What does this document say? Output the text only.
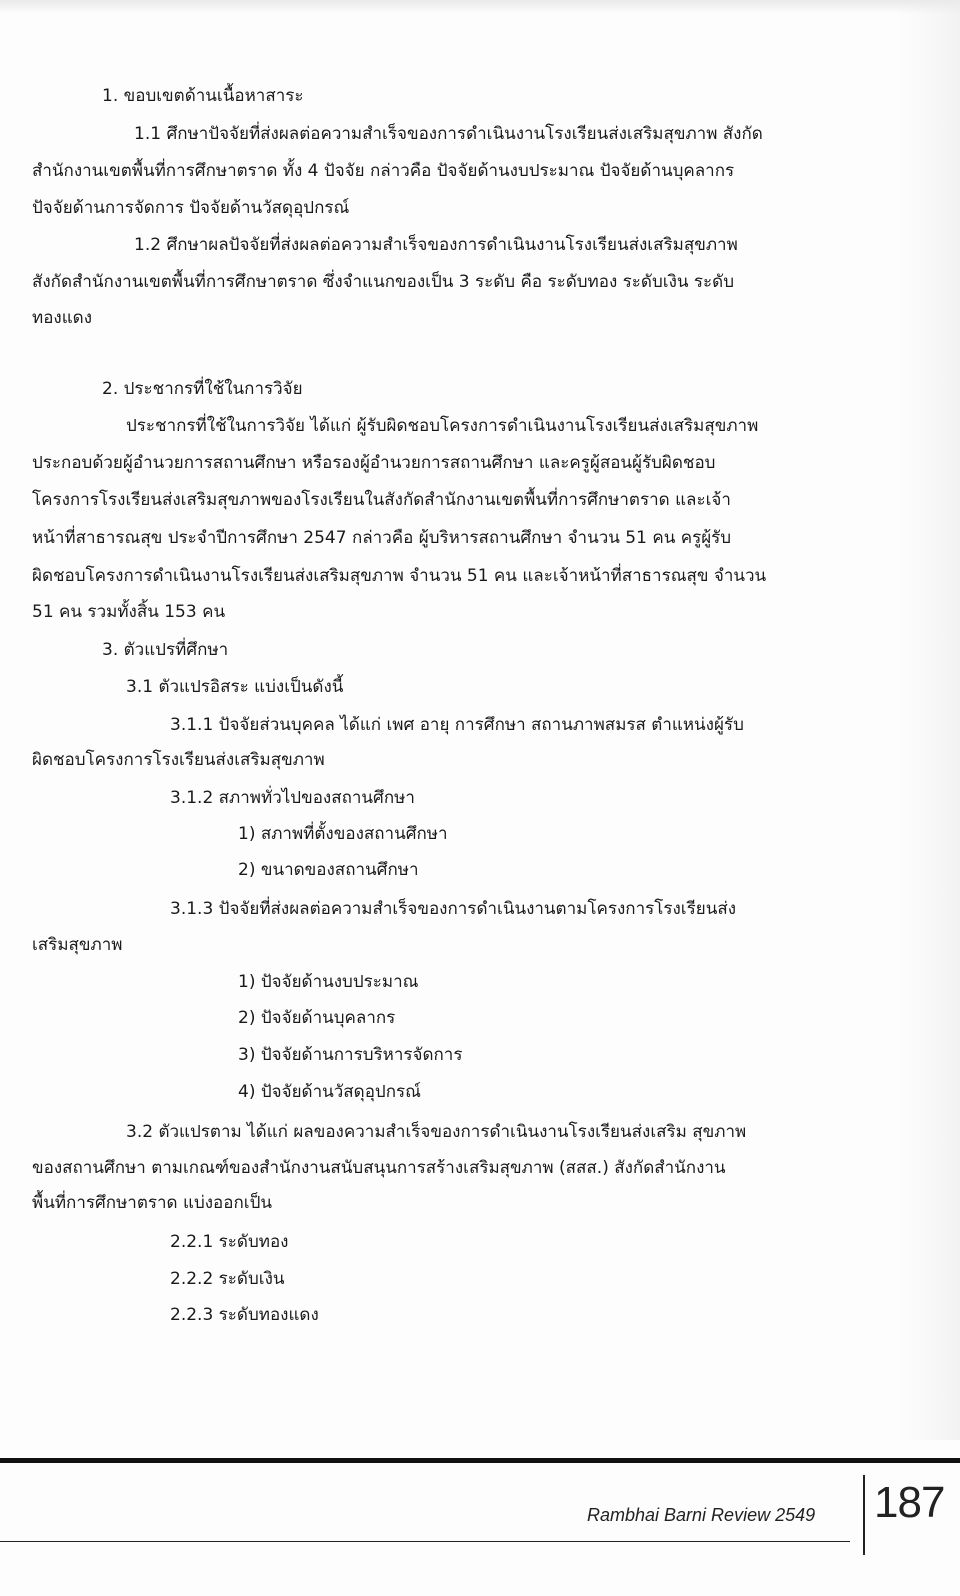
1. ขอบเขตด้านเนื้อหาสาระ

1.1 ศึกษาปัจจัยที่ส่งผลต่อความสำเร็จของการดำเนินงานโรงเรียนส่งเสริมสุขภาพ สังกัด

สำนักงานเขตพื้นที่การศึกษาตราด ทั้ง 4 ปัจจัย กล่าวคือ ปัจจัยด้านงบประมาณ ปัจจัยด้านบุคลากร

ปัจจัยด้านการจัดการ ปัจจัยด้านวัสดุอุปกรณ์

1.2 ศึกษาผลปัจจัยที่ส่งผลต่อความสำเร็จของการดำเนินงานโรงเรียนส่งเสริมสุขภาพ

สังกัดสำนักงานเขตพื้นที่การศึกษาตราด ซึ่งจำแนกของเป็น 3 ระดับ คือ ระดับทอง ระดับเงิน ระดับ

ทองแดง

2. ประชากรที่ใช้ในการวิจัย

ประชากรที่ใช้ในการวิจัย ได้แก่ ผู้รับผิดชอบโครงการดำเนินงานโรงเรียนส่งเสริมสุขภาพ

ประกอบด้วยผู้อำนวยการสถานศึกษา หรือรองผู้อำนวยการสถานศึกษา และครูผู้สอนผู้รับผิดชอบ

โครงการโรงเรียนส่งเสริมสุขภาพของโรงเรียนในสังกัดสำนักงานเขตพื้นที่การศึกษาตราด และเจ้า

หน้าที่สาธารณสุข ประจำปีการศึกษา 2547 กล่าวคือ ผู้บริหารสถานศึกษา จำนวน 51 คน ครูผู้รับ

ผิดชอบโครงการดำเนินงานโรงเรียนส่งเสริมสุขภาพ จำนวน 51 คน และเจ้าหน้าที่สาธารณสุข จำนวน

51 คน รวมทั้งสิ้น 153 คน

3. ตัวแปรที่ศึกษา

3.1 ตัวแปรอิสระ แบ่งเป็นดังนี้

3.1.1 ปัจจัยส่วนบุคคล ได้แก่ เพศ อายุ การศึกษา สถานภาพสมรส ตำแหน่งผู้รับ

ผิดชอบโครงการโรงเรียนส่งเสริมสุขภาพ

3.1.2 สภาพทั่วไปของสถานศึกษา

1) สภาพที่ตั้งของสถานศึกษา

2) ขนาดของสถานศึกษา

3.1.3 ปัจจัยที่ส่งผลต่อความสำเร็จของการดำเนินงานตามโครงการโรงเรียนส่ง

เสริมสุขภาพ

1) ปัจจัยด้านงบประมาณ

2) ปัจจัยด้านบุคลากร

3) ปัจจัยด้านการบริหารจัดการ

4) ปัจจัยด้านวัสดุอุปกรณ์

3.2 ตัวแปรตาม ได้แก่ ผลของความสำเร็จของการดำเนินงานโรงเรียนส่งเสริม สุขภาพ

ของสถานศึกษา ตามเกณฑ์ของสำนักงานสนับสนุนการสร้างเสริมสุขภาพ (สสส.) สังกัดสำนักงาน

พื้นที่การศึกษาตราด แบ่งออกเป็น

2.2.1 ระดับทอง

2.2.2 ระดับเงิน

2.2.3 ระดับทองแดง

Rambhai Barni Review 2549 187
